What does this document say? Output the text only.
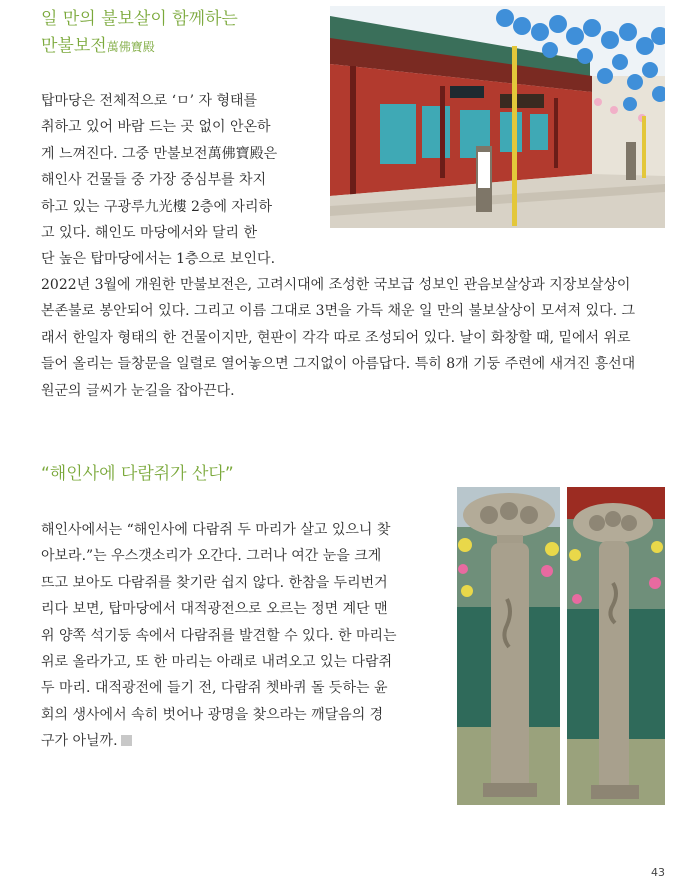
일 만의 불보살이 함께하는
만불보전萬佛寶殿
탑마당은 전체적으로 ‘ㅁ’ 자 형태를
취하고 있어 바람 드는 곳 없이 안온하
게 느껴진다. 그중 만불보전萬佛寶殿은
해인사 건물들 중 가장 중심부를 차지
하고 있는 구광루九光樓 2층에 자리하
고 있다. 해인도 마당에서와 달리 한
단 높은 탑마당에서는 1층으로 보인다.
2022년 3월에 개원한 만불보전은, 고려시대에 조성한 국보급 성보인 관음보살상과 지장보살상이
본존불로 봉안되어 있다. 그리고 이름 그대로 3면을 가득 채운 일 만의 불보살상이 모셔져 있다. 그
래서 한일자 형태의 한 건물이지만, 현판이 각각 따로 조성되어 있다. 날이 화창할 때, 밑에서 위로
들어 올리는 들창문을 일렬로 열어놓으면 그지없이 아름답다. 특히 8개 기둥 주련에 새겨진 흥선대
원군의 글씨가 눈길을 잡아끈다.
“해인사에 다람쥐가 산다”
해인사에서는 “해인사에 다람쥐 두 마리가 살고 있으니 찾
아보라.”는 우스갯소리가 오간다. 그러나 여간 눈을 크게
뜨고 보아도 다람쥐를 찾기란 쉽지 않다. 한참을 두리번거
리다 보면, 탑마당에서 대적광전으로 오르는 정면 계단 맨
위 양쪽 석기둥 속에서 다람쥐를 발견할 수 있다. 한 마리는
위로 올라가고, 또 한 마리는 아래로 내려오고 있는 다람쥐
두 마리. 대적광전에 들기 전, 다람쥐 쳇바퀴 돌 듯하는 윤
회의 생사에서 속히 벗어나 광명을 찾으라는 깨달음의 경
구가 아닐까.
43
